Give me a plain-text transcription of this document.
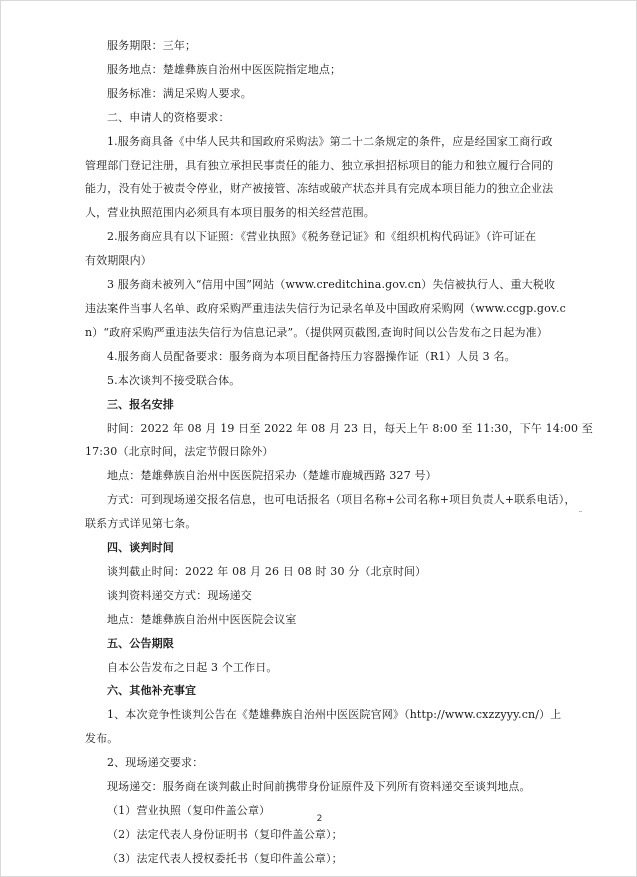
服务期限：三年；
服务地点：楚雄彝族自治州中医医院指定地点；
服务标准：满足采购人要求。
二、申请人的资格要求：
1.服务商具备《中华人民共和国政府采购法》第二十二条规定的条件，应是经国家工商行政
管理部门登记注册，具有独立承担民事责任的能力、独立承担招标项目的能力和独立履行合同的
能力，没有处于被责令停业，财产被接管、冻结或破产状态并具有完成本项目能力的独立企业法
人，营业执照范围内必须具有本项目服务的相关经营范围。
2.服务商应具有以下证照：《营业执照》《税务登记证》和《组织机构代码证》（许可证在
有效期限内）
3 服务商未被列入“信用中国”网站（www.creditchina.gov.cn）失信被执行人、重大税收
违法案件当事人名单、政府采购严重违法失信行为记录名单及中国政府采购网（www.ccgp.gov.c
n）“政府采购严重违法失信行为信息记录”。（提供网页截图,查询时间以公告发布之日起为准）
4.服务商人员配备要求：服务商为本项目配备持压力容器操作证（R1）人员 3 名。
5.本次谈判不接受联合体。
三、报名安排
时间：2022 年 08 月 19 日至 2022 年 08 月 23 日，每天上午 8:00 至 11:30，下午 14:00 至
17:30（北京时间，法定节假日除外）
地点：楚雄彝族自治州中医医院招采办（楚雄市鹿城西路 327 号）
方式：可到现场递交报名信息，也可电话报名（项目名称+公司名称+项目负责人+联系电话），
联系方式详见第七条。
四、谈判时间
谈判截止时间：2022 年 08 月 26 日 08 时 30 分（北京时间）
谈判资料递交方式：现场递交
地点：楚雄彝族自治州中医医院会议室
五、公告期限
自本公告发布之日起 3 个工作日。
六、其他补充事宜
1、本次竞争性谈判公告在《楚雄彝族自治州中医医院官网》（http://www.cxzzyyy.cn/）上
发布。
2、现场递交要求：
现场递交：服务商在谈判截止时间前携带身份证原件及下列所有资料递交至谈判地点。
（1）营业执照（复印件盖公章）
（2）法定代表人身份证明书（复印件盖公章）；
（3）法定代表人授权委托书（复印件盖公章）；
2
